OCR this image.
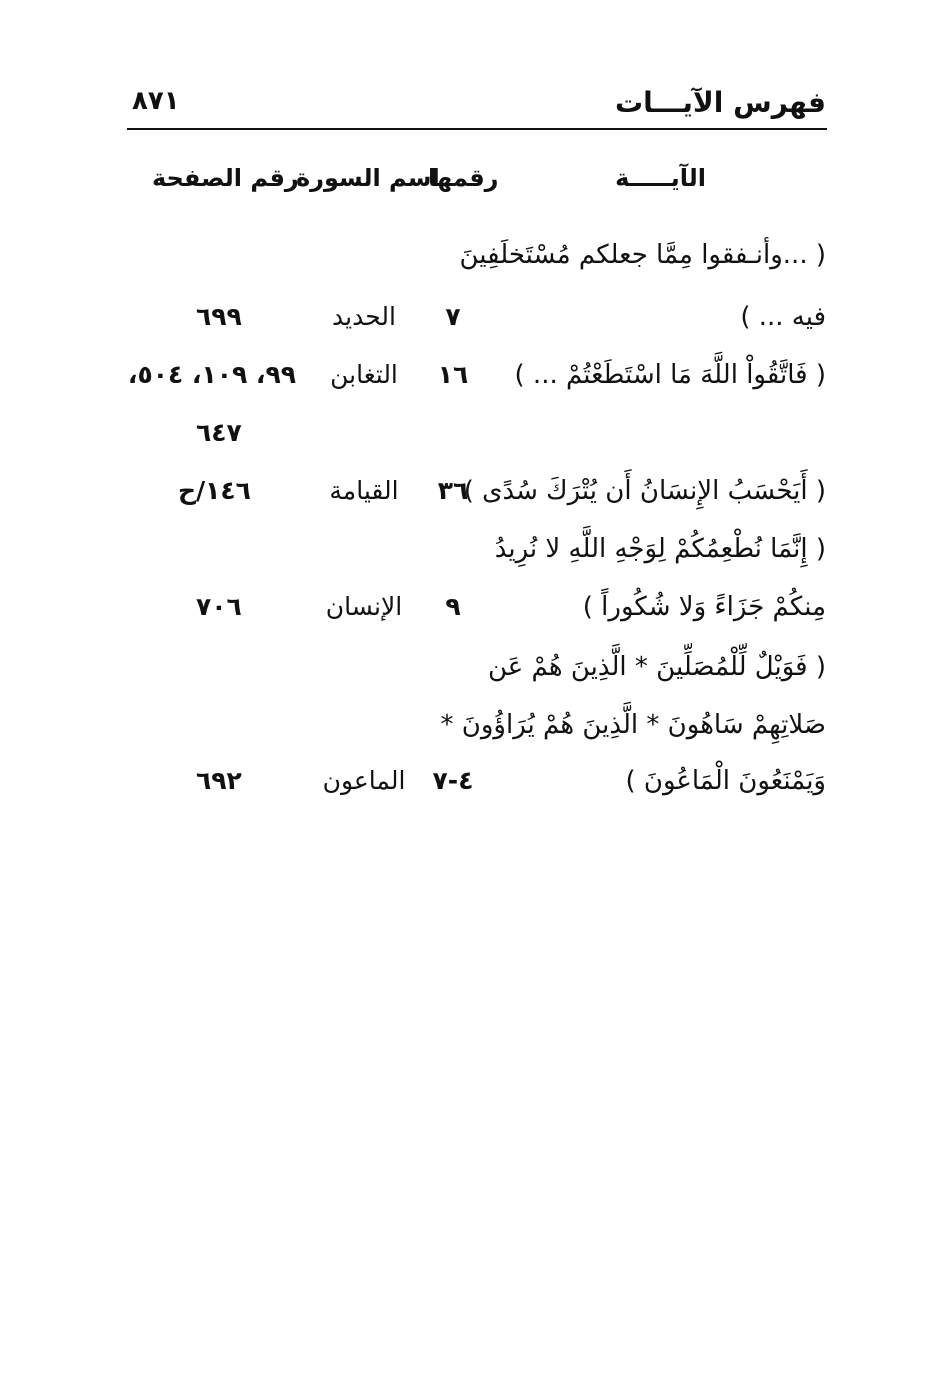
٨٧١	فهرس الآيـــات
الآيـــــة
رقمها
اسم السورة
رقم الصفحة
( ...وأنـفقوا مِمَّا جعلكم مُسْتَخلَفِينَ
فيه ... )
٧
الحديد
٦٩٩
( فَاتَّقُواْ اللَّهَ مَا اسْتَطَعْتُمْ ... )
١٦
التغابن
٩٩، ١٠٩، ٥٠٤،
٦٤٧
( أَيَحْسَبُ الإِنسَانُ أَن يُتْرَكَ سُدًى )
٣٦
القيامة
١٤٦/ح
( إِنَّمَا نُطْعِمُكُمْ لِوَجْهِ اللَّهِ لا نُرِيدُ
مِنكُمْ جَزَاءً وَلا شُكُوراً )
٩
الإنسان
٧٠٦
( فَوَيْلٌ لِّلْمُصَلِّينَ * الَّذِينَ هُمْ عَن
صَلاتِهِمْ سَاهُونَ * الَّذِينَ هُمْ يُرَاؤُونَ *
وَيَمْنَعُونَ الْمَاعُونَ )
٤-٧
الماعون
٦٩٢
